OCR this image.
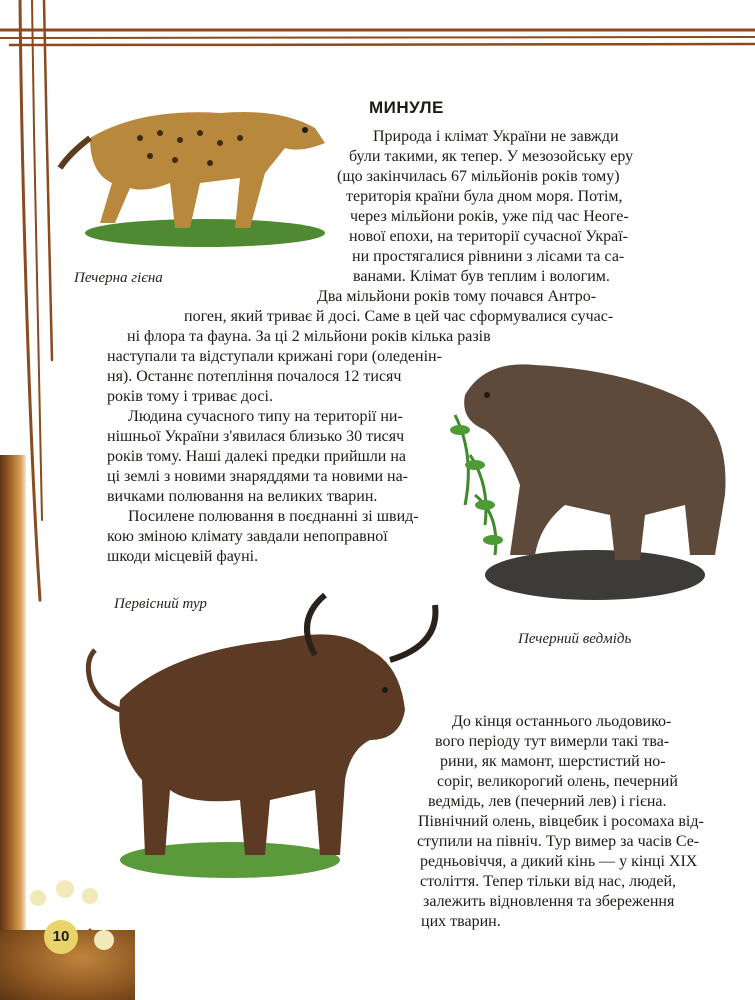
Печерна гієна
Печерний ведмідь
Первісний тур
МИНУЛЕ
Природа і клімат України не завжди
були такими, як тепер. У мезозойську еру
(що закінчилась 67 мільйонів років тому)
територія країни була дном моря. Потім,
через мільйони років, уже під час Неоге-
нової епохи, на території сучасної Украї-
ни простягалися рівнини з лісами та са-
ванами. Клімат був теплим і вологим.
Два мільйони років тому почався Антро-
поген, який триває й досі. Саме в цей час сформувалися сучас-
ні флора та фауна. За ці 2 мільйони років кілька разів
наступали та відступали крижані гори (оледенін-
ня). Останнє потепління почалося 12 тисяч
років тому і триває досі.
Людина сучасного типу на території ни-
нішньої України з'явилася близько 30 тисяч
років тому. Наші далекі предки прийшли на
ці землі з новими знаряддями та новими на-
вичками полювання на великих тварин.
Посилене полювання в поєднанні зі швид-
кою зміною клімату завдали непоправної
шкоди місцевій фауні.
До кінця останнього льодовико-
вого періоду тут вимерли такі тва-
рини, як мамонт, шерстистий но-
соріг, великорогий олень, печерний
ведмідь, лев (печерний лев) і гієна.
Північний олень, вівцебик і росомаха від-
ступили на північ. Тур вимер за часів Се-
редньовіччя, а дикий кінь — у кінці XIX
століття. Тепер тільки від нас, людей,
залежить відновлення та збереження
цих тварин.
10
